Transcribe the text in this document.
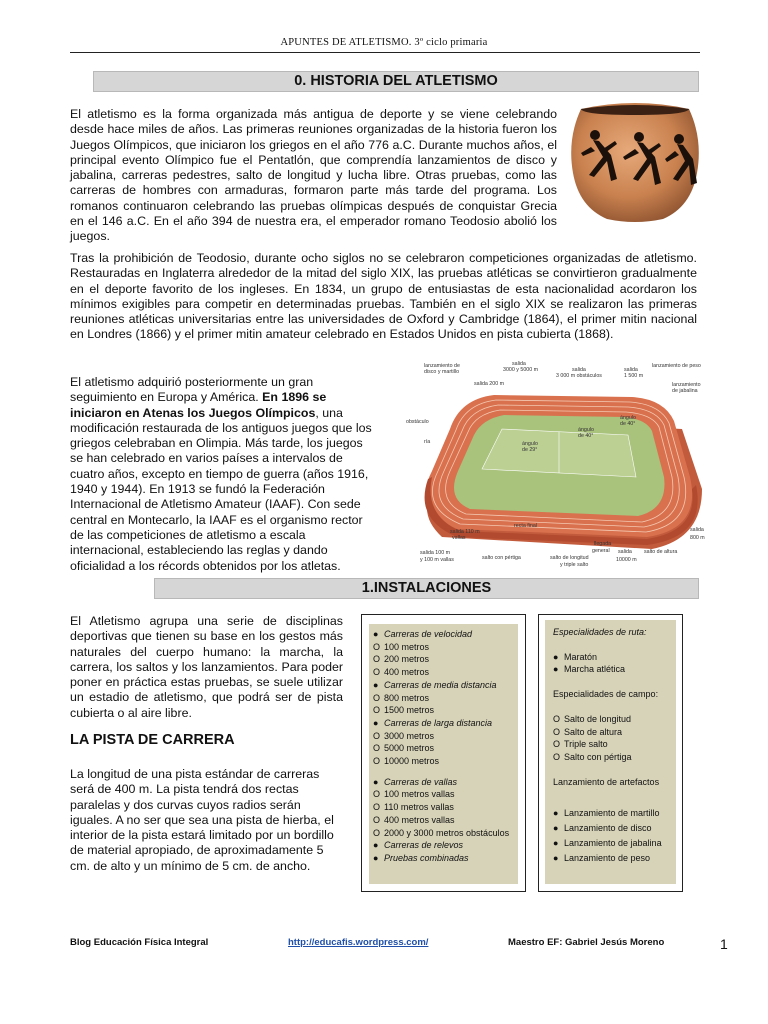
APUNTES DE ATLETISMO. 3º ciclo primaria
0. HISTORIA DEL ATLETISMO
El atletismo es la forma organizada más antigua de deporte y se viene celebrando desde hace miles de años. Las primeras reuniones organizadas de la historia fueron los Juegos Olímpicos, que iniciaron los griegos en el año 776 a.C. Durante muchos años, el principal evento Olímpico fue el Pentatlón, que comprendía lanzamientos de disco y jabalina, carreras pedestres, salto de longitud y lucha libre. Otras pruebas, como las carreras de hombres con armaduras, formaron parte más tarde del programa. Los romanos continuaron celebrando las pruebas olímpicas después de conquistar Grecia en el 146 a.C. En el año 394 de nuestra era, el emperador romano Teodosio abolió los juegos.
Tras la prohibición de Teodosio, durante ocho siglos no se celebraron competiciones organizadas de atletismo. Restauradas en Inglaterra alrededor de la mitad del siglo XIX, las pruebas atléticas se convirtieron gradualmente en el deporte favorito de los ingleses. En 1834, un grupo de entusiastas de esta nacionalidad acordaron los mínimos exigibles para competir en determinadas pruebas. También en el siglo XIX se realizaron las primeras reuniones atléticas universitarias entre las universidades de Oxford y Cambridge (1864), el primer mitin nacional en Londres (1866) y el primer mitin amateur celebrado en Estados Unidos en pista cubierta (1868).
El atletismo adquirió posteriormente un gran seguimiento en Europa y América. En 1896 se iniciaron en Atenas los Juegos Olímpicos, una modificación restaurada de los antiguos juegos que los griegos celebraban en Olimpia. Más tarde, los juegos se han celebrado en varios países a intervalos de cuatro años, excepto en tiempo de guerra (años 1916, 1940 y 1944). En 1913 se fundó la Federación Internacional de Atletismo Amateur (IAAF). Con sede central en Montecarlo, la IAAF es el organismo rector de las competiciones de atletismo a escala internacional, estableciendo las reglas y dando oficialidad a los récords obtenidos por los atletas.
lanzamiento de
disco y martillo
salida
3000 y 5000 m	salida
3 000 m obstáculos
salida
1 500 m
lanzamiento de peso
salida 200 m	lanzamiento
de jabalina
obstáculo
ría
ángulo
de 40°
ángulo
de 40°
ángulo
de 29°
recta final
salida 110 m
vallas
salida
800 m
salida 100 m
y 100 m vallas	salto con pértiga	salto de longitud
y triple salto
llegada
general salida
10000 m
salto de altura
1.INSTALACIONES
El Atletismo agrupa una serie de disciplinas deportivas que tienen su base en los gestos más naturales del cuerpo humano: la marcha, la carrera, los saltos y los lanzamientos. Para poder poner en práctica estas pruebas, se suele utilizar un estadio de atletismo, que podrá ser de pista cubierta o al aire libre.
LA PISTA DE CARRERA
La longitud de una pista estándar de carreras será de 400 m. La pista tendrá dos rectas paralelas y dos curvas cuyos radios serán iguales. A no ser que sea una pista de hierba, el interior de la pista estará limitado por un bordillo de material apropiado, de aproximadamente 5 cm. de alto y un mínimo de 5 cm. de ancho.
● Carreras de velocidad
O 100 metros
O 200 metros
O 400 metros
● Carreras de media distancia
O 800 metros
O 1500 metros
● Carreras de larga distancia
O 3000 metros
O 5000 metros
O 10000 metros
● Carreras de vallas
O 100 metros vallas
O 110 metros vallas
O 400 metros vallas
O 2000 y 3000 metros obstáculos
● Carreras de relevos
● Pruebas combinadas
Especialidades de ruta:
● Maratón
● Marcha atlética
Especialidades de campo:
O Salto de longitud
O Salto de altura
O Triple salto
O Salto con pértiga
Lanzamiento de artefactos
● Lanzamiento de martillo
● Lanzamiento de disco
● Lanzamiento de jabalina
● Lanzamiento de peso
Blog Educación Física Integral	http://educafis.wordpress.com/	Maestro EF: Gabriel Jesús Moreno	1
